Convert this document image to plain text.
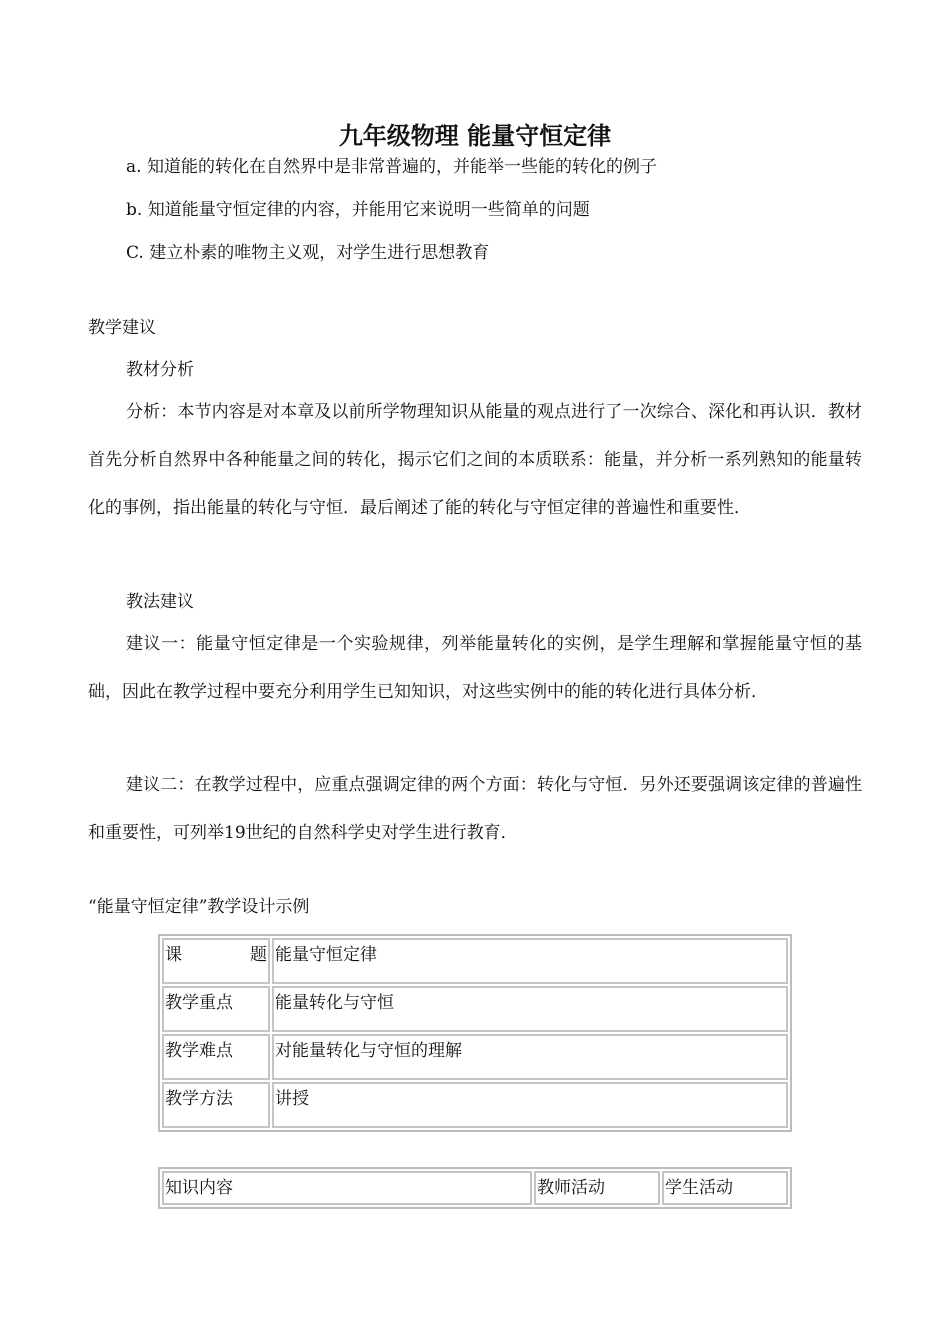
九年级物理 能量守恒定律
a. 知道能的转化在自然界中是非常普遍的，并能举一些能的转化的例子
b. 知道能量守恒定律的内容，并能用它来说明一些简单的问题
C. 建立朴素的唯物主义观，对学生进行思想教育
教学建议
教材分析
分析：本节内容是对本章及以前所学物理知识从能量的观点进行了一次综合、深化和再认识．教材首先分析自然界中各种能量之间的转化，揭示它们之间的本质联系：能量，并分析一系列熟知的能量转化的事例，指出能量的转化与守恒．最后阐述了能的转化与守恒定律的普遍性和重要性．
教法建议
建议一：能量守恒定律是一个实验规律，列举能量转化的实例，是学生理解和掌握能量守恒的基础，因此在教学过程中要充分利用学生已知知识，对这些实例中的能的转化进行具体分析．
建议二：在教学过程中，应重点强调定律的两个方面：转化与守恒．另外还要强调该定律的普遍性和重要性，可列举19世纪的自然科学史对学生进行教育．
“能量守恒定律”教学设计示例
课 题	能量守恒定律
教学重点	能量转化与守恒
教学难点	对能量转化与守恒的理解
教学方法	讲授
知识内容	教师活动	学生活动
